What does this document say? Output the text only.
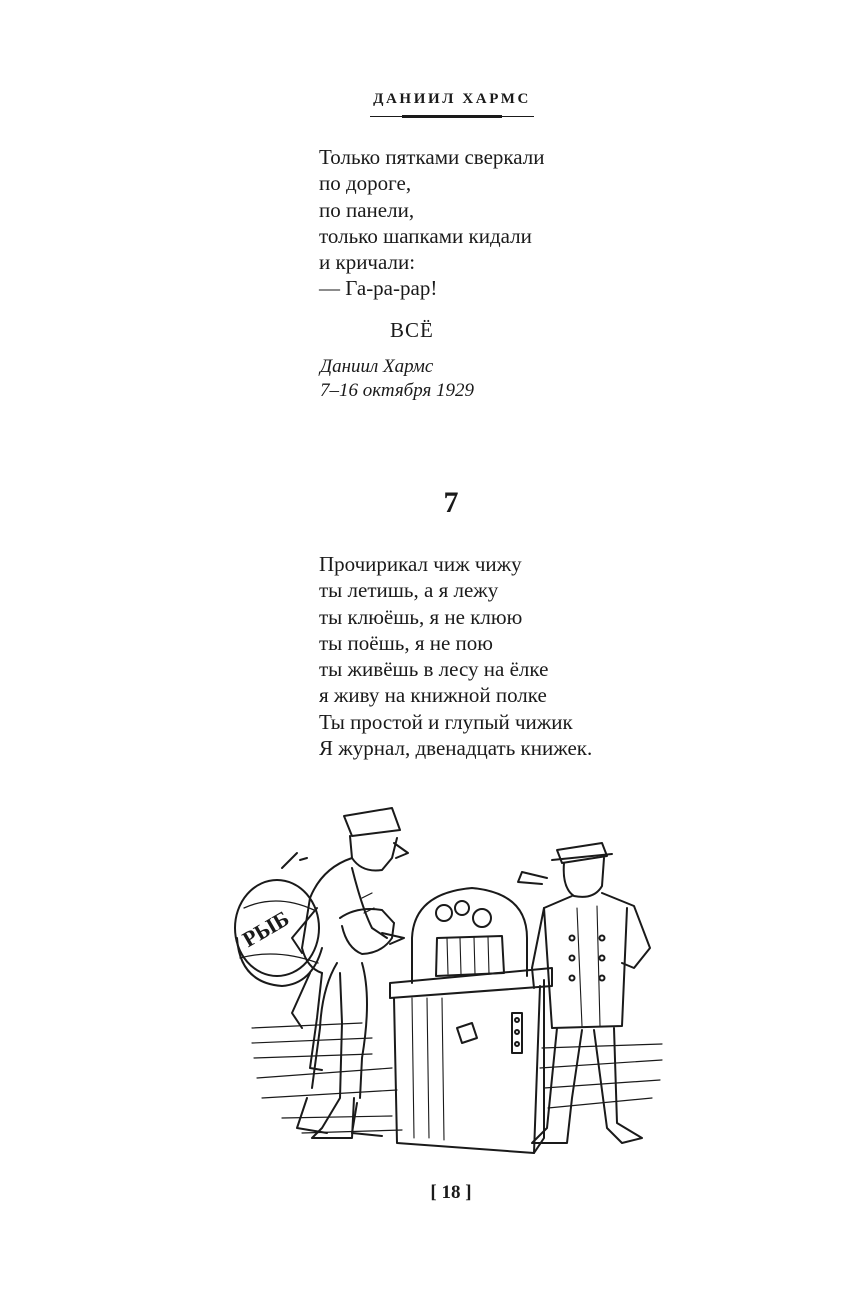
ДАНИИЛ ХАРМС
Только пятками сверкали
по дороге,
по панели,
только шапками кидали
и кричали:
— Га-ра-рар!
ВСЁ
Даниил Хармс
7–16 октября 1929
7
Прочирикал чиж чижу
ты летишь, а я лежу
ты клюёшь, я не клюю
ты поёшь, я не пою
ты живёшь в лесу на ёлке
я живу на книжной полке
Ты простой и глупый чижик
Я журнал, двенадцать книжек.
РЫБ
[ 18 ]
